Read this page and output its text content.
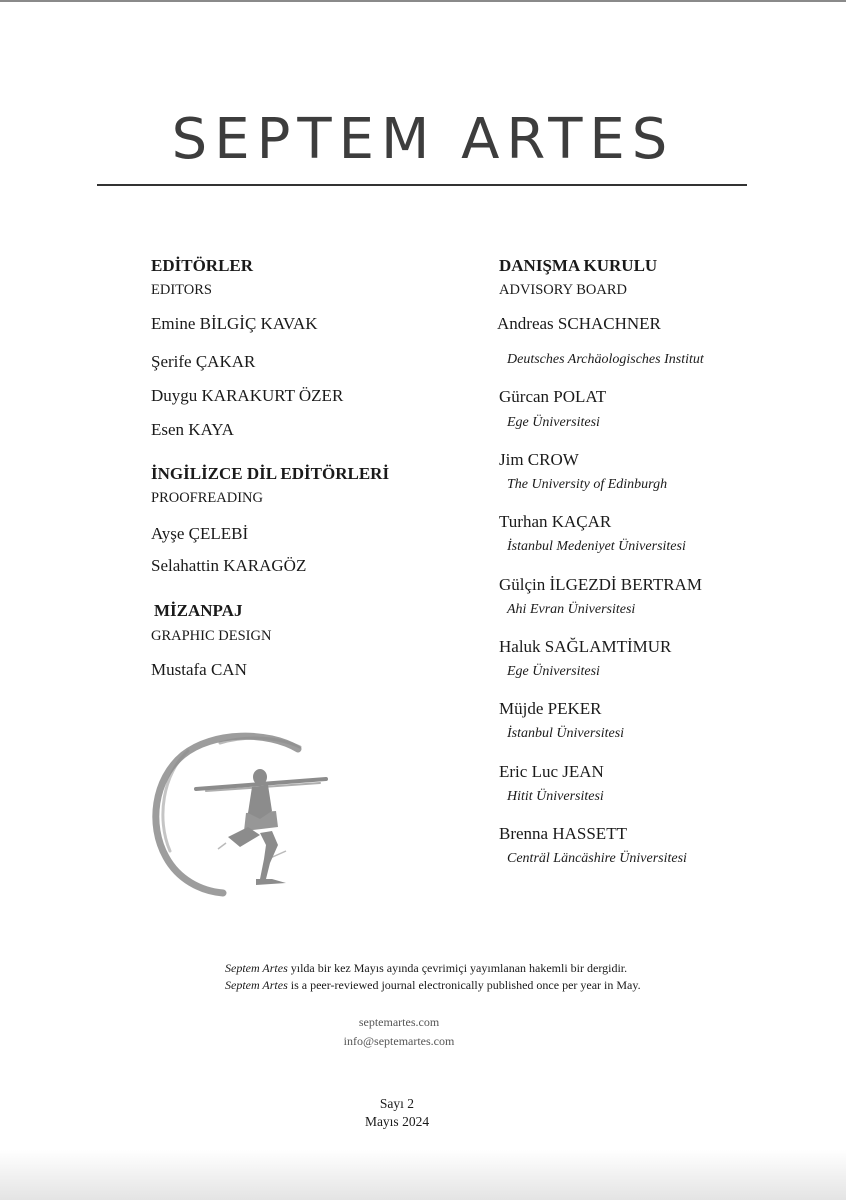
SEPTEM ARTES
EDİTÖRLER
EDITORS
Emine BİLGİÇ KAVAK
Şerife ÇAKAR
Duygu KARAKURT ÖZER
Esen KAYA
İNGİLİZCE DİL EDİTÖRLERİ
PROOFREADING
Ayşe ÇELEBİ
Selahattin KARAGÖZ
MİZANPAJ
GRAPHIC DESIGN
Mustafa CAN
DANIŞMA KURULU
ADVISORY BOARD
Andreas SCHACHNER
Deutsches Archäologisches Institut
Gürcan POLAT
Ege Üniversitesi
Jim CROW
The University of Edinburgh
Turhan KAÇAR
İstanbul Medeniyet Üniversitesi
Gülçin İLGEZDİ BERTRAM
Ahi Evran Üniversitesi
Haluk SAĞLAMTİMUR
Ege Üniversitesi
Müjde PEKER
İstanbul Üniversitesi
Eric Luc JEAN
Hitit Üniversitesi
Brenna HASSETT
Centräl Läncäshire Üniversitesi
Septem Artes yılda bir kez Mayıs ayında çevrimiçi yayımlanan hakemli bir dergidir.
Septem Artes is a peer-reviewed journal electronically published once per year in May.
septemartes.com
info@septemartes.com
Sayı 2
Mayıs 2024
